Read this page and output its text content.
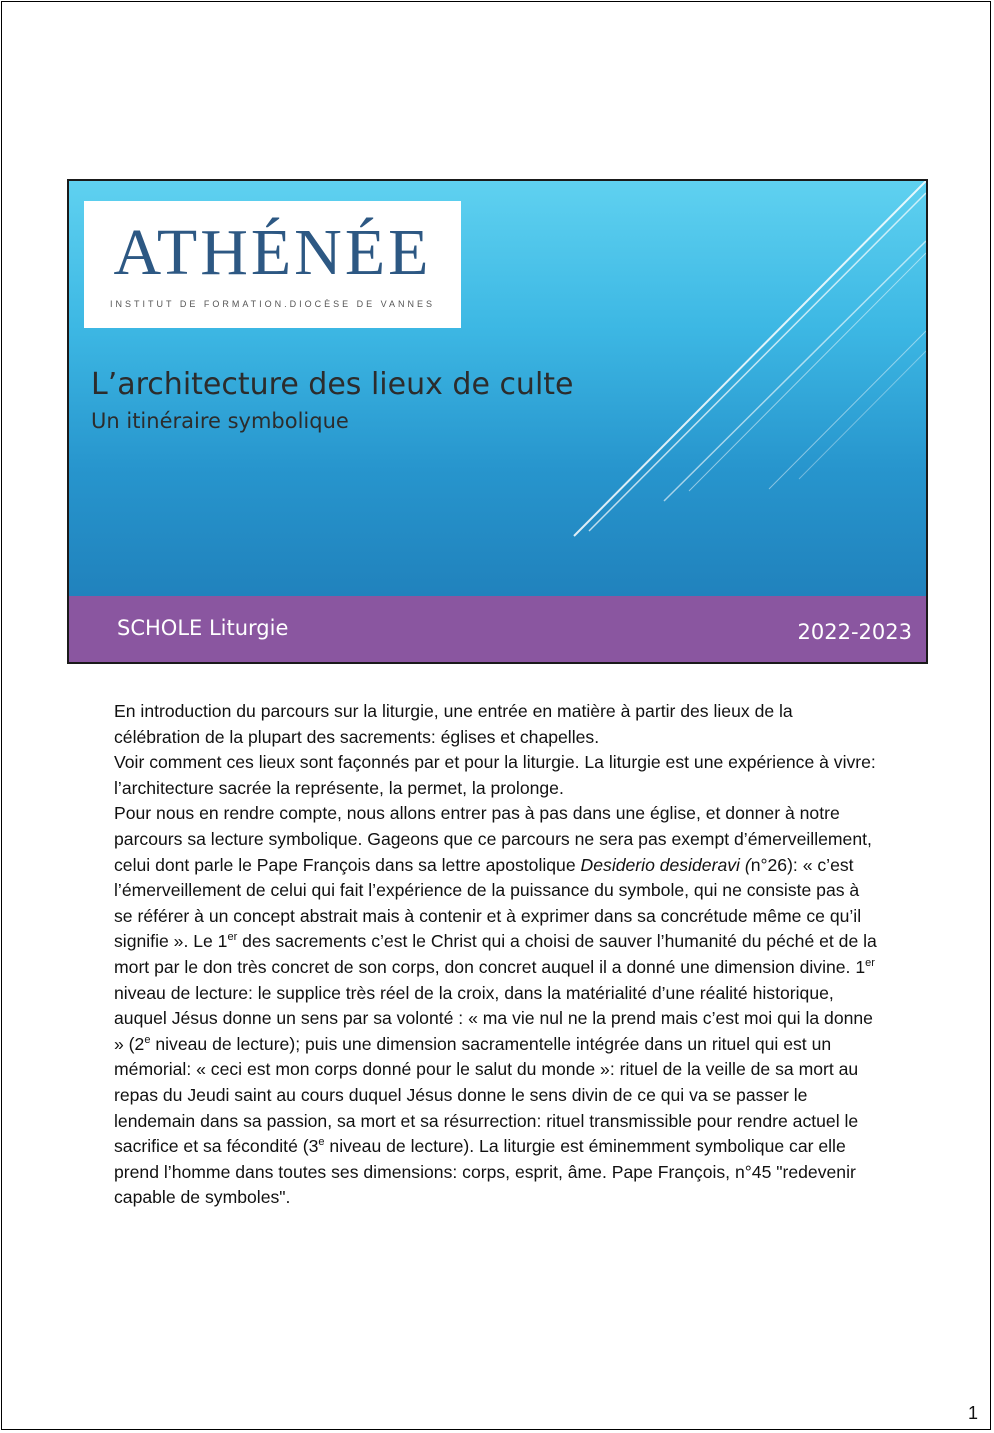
ATHÉNÉE
INSTITUT DE FORMATION.DIOCÈSE DE VANNES
L’architecture des lieux de culte
Un itinéraire symbolique
SCHOLE Liturgie	2022-2023

En introduction du parcours sur la liturgie, une entrée en matière à partir des lieux de la célébration de la plupart des sacrements: églises et chapelles.

Voir comment ces lieux sont façonnés par et pour la liturgie. La liturgie est une expérience à vivre: l’architecture sacrée la représente, la permet, la prolonge.

Pour nous en rendre compte, nous allons entrer pas à pas dans une église, et donner à notre parcours sa lecture symbolique. Gageons que ce parcours ne sera pas exempt d’émerveillement, celui dont parle le Pape François dans sa lettre apostolique Desiderio desideravi (n°26): « c’est l’émerveillement de celui qui fait l’expérience de la puissance du symbole, qui ne consiste pas à se référer à un concept abstrait mais à contenir et à exprimer dans sa concrétude même ce qu’il signifie ». Le 1er des sacrements c’est le Christ qui a choisi de sauver l’humanité du péché et de la mort par le don très concret de son corps, don concret auquel il a donné une dimension divine. 1er niveau de lecture: le supplice très réel de la croix, dans la matérialité d’une réalité historique, auquel Jésus donne un sens par sa volonté : « ma vie nul ne la prend mais c’est moi qui la donne » (2e niveau de lecture); puis une dimension sacramentelle intégrée dans un rituel qui est un mémorial: « ceci est mon corps donné pour le salut du monde »: rituel de la veille de sa mort au repas du Jeudi saint au cours duquel Jésus donne le sens divin de ce qui va se passer le lendemain dans sa passion, sa mort et sa résurrection: rituel transmissible pour rendre actuel le sacrifice et sa fécondité (3e niveau de lecture). La liturgie est éminemment symbolique car elle prend l’homme dans toutes ses dimensions: corps, esprit, âme. Pape François, n°45 "redevenir capable de symboles".

1
